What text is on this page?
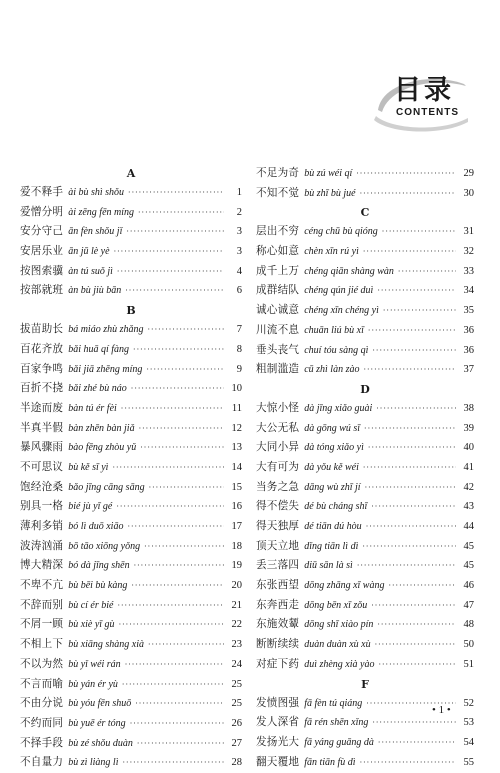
目录
CONTENTS
A
爱不释手 ài bù shì shǒu ·····	1
爱憎分明 ài zēng fēn míng ·····	2
安分守己 ān fèn shǒu jǐ ·····	3
安居乐业 ān jū lè yè ·····	3
按图索骥 àn tú suǒ jì ·····	4
按部就班 àn bù jiù bān ·····	6
B
拔苗助长 bá miáo zhù zhǎng ·····	7
百花齐放 bǎi huā qí fàng ·····	8
百家争鸣 bǎi jiā zhēng míng ·····	9
百折不挠 bǎi zhé bù náo ·····	10
半途而废 bàn tú ér fèi ·····	11
半真半假 bàn zhēn bàn jiǎ ·····	12
暴风骤雨 bào fēng zhòu yǔ ·····	13
不可思议 bù kě sī yì ·····	14
饱经沧桑 bǎo jīng cāng sāng ·····	15
别具一格 bié jù yī gé ·····	16
薄利多销 bó lì duō xiāo ·····	17
波涛汹涌 bō tāo xiōng yǒng ·····	18
博大精深 bó dà jīng shēn ·····	19
不卑不亢 bù bēi bù kàng ·····	20
不辞而别 bù cí ér bié ·····	21
不屑一顾 bù xiè yī gù ·····	22
不相上下 bù xiāng shàng xià ·····	23
不以为然 bù yǐ wéi rán ·····	24
不言而喻 bù yán ér yù ·····	25
不由分说 bù yóu fēn shuō ·····	25
不约而同 bù yuē ér tóng ·····	26
不择手段 bù zé shǒu duàn ·····	27
不自量力 bù zì liàng lì ·····	28
不足为奇 bù zú wéi qí ·····	29
不知不觉 bù zhī bù jué ·····	30
C
层出不穷 céng chū bù qióng ·····	31
称心如意 chèn xīn rú yì ·····	32
成千上万 chéng qiān shàng wàn ·····	33
成群结队 chéng qún jié duì ·····	34
诚心诚意 chéng xīn chéng yì ·····	35
川流不息 chuān liú bù xī ·····	36
垂头丧气 chuí tóu sàng qì ·····	36
粗制滥造 cū zhì làn zào ·····	37
D
大惊小怪 dà jīng xiǎo guài ·····	38
大公无私 dà gōng wú sī ·····	39
大同小异 dà tóng xiǎo yì ·····	40
大有可为 dà yǒu kě wéi ·····	41
当务之急 dāng wù zhī jí ·····	42
得不偿失 dé bù cháng shī ·····	43
得天独厚 dé tiān dú hòu ·····	44
顶天立地 dǐng tiān lì dì ·····	45
丢三落四 diū sān là sì ·····	45
东张西望 dōng zhāng xī wàng ·····	46
东奔西走 dōng bēn xī zǒu ·····	47
东施效颦 dōng shī xiào pín ·····	48
断断续续 duàn duàn xù xù ·····	50
对症下药 duì zhèng xià yào ·····	51
F
发愤图强 fā fèn tú qiáng ·····	52
发人深省 fā rén shēn xǐng ·····	53
发扬光大 fā yáng guāng dà ·····	54
翻天覆地 fān tiān fù dì ·····	55
• 1 •
